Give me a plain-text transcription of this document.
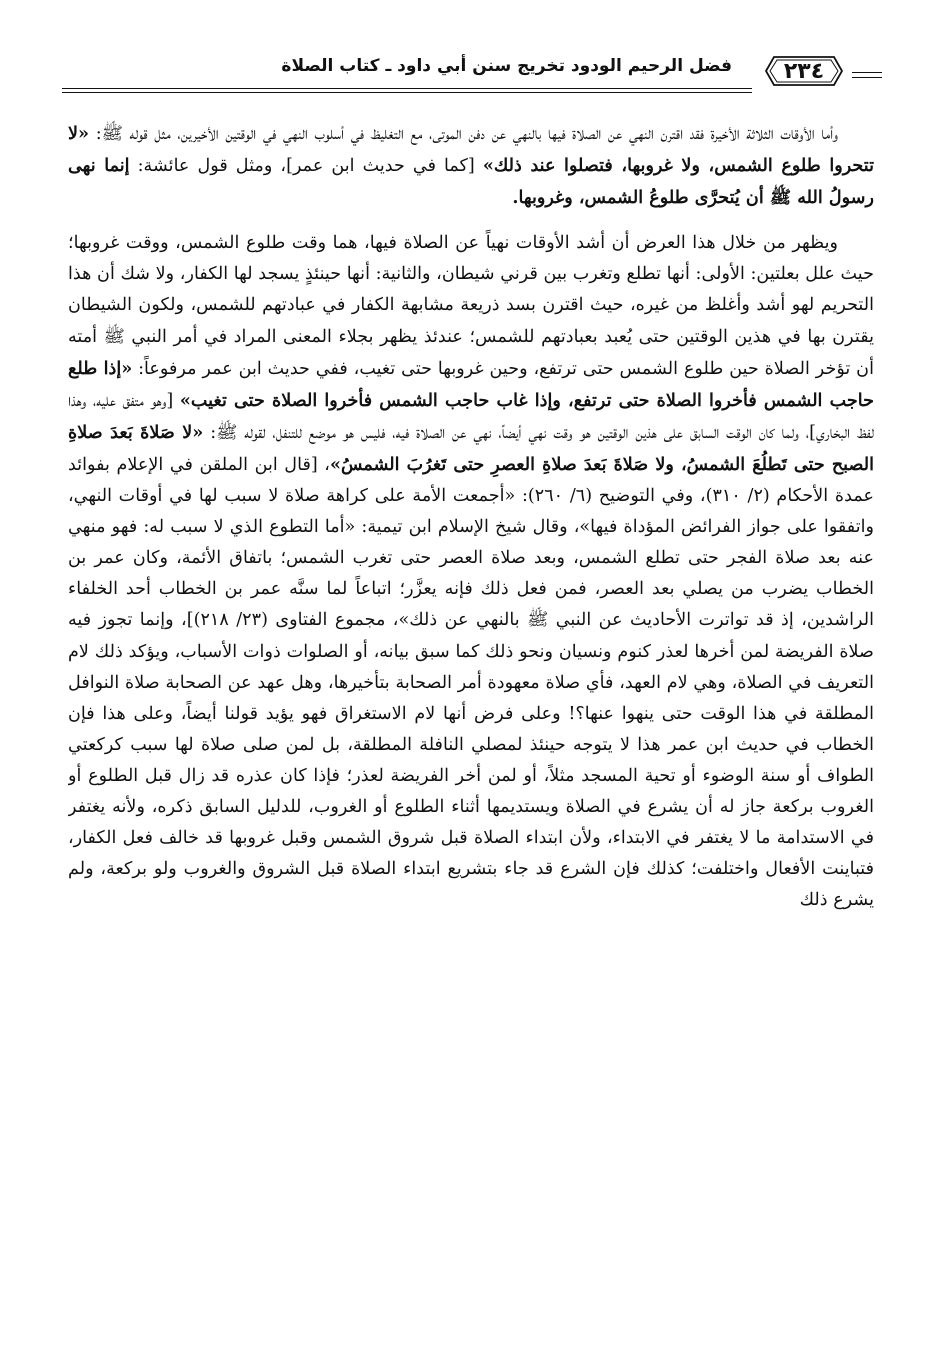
٢٣٤
فضل الرحيم الودود تخريج سنن أبي داود ـ كتاب الصلاة

وأما الأوقات الثلاثة الأخيرة فقد اقترن النهي عن الصلاة فيها بالنهي عن دفن الموتى، مع التغليظ في أسلوب النهي في الوقتين الأخيرين، مثل قوله ﷺ: «لا تتحروا طلوع الشمس، ولا غروبها، فتصلوا عند ذلك» [كما في حديث ابن عمر]، ومثل قول عائشة: إنما نهى رسولُ الله ﷺ أن يُتحرَّى طلوعُ الشمس، وغروبها.

ويظهر من خلال هذا العرض أن أشد الأوقات نهياً عن الصلاة فيها، هما وقت طلوع الشمس، ووقت غروبها؛ حيث علل بعلتين: الأولى: أنها تطلع وتغرب بين قرني شيطان، والثانية: أنها حينئذٍ يسجد لها الكفار، ولا شك أن هذا التحريم لهو أشد وأغلظ من غيره، حيث اقترن بسد ذريعة مشابهة الكفار في عبادتهم للشمس، ولكون الشيطان يقترن بها في هذين الوقتين حتى يُعبد بعبادتهم للشمس؛ عندئذ يظهر بجلاء المعنى المراد في أمر النبي ﷺ أمته أن تؤخر الصلاة حين طلوع الشمس حتى ترتفع، وحين غروبها حتى تغيب، ففي حديث ابن عمر مرفوعاً: «إذا طلع حاجب الشمس فأخروا الصلاة حتى ترتفع، وإذا غاب حاجب الشمس فأخروا الصلاة حتى تغيب» [وهو متفق عليه، وهذا لفظ البخاري]، ولما كان الوقت السابق على هذين الوقتين هو وقت نهي أيضاً، نهي عن الصلاة فيه، فليس هو موضع للتنفل، لقوله ﷺ: «لا صَلاةَ بَعدَ صلاةِ الصبح حتى تَطلُعَ الشمسُ، ولا صَلاةَ بَعدَ صلاةِ العصرِ حتى تَغرُبَ الشمسُ»، [قال ابن الملقن في الإعلام بفوائد عمدة الأحكام (٢/ ٣١٠)، وفي التوضيح (٦/ ٢٦٠): «أجمعت الأمة على كراهة صلاة لا سبب لها في أوقات النهي، واتفقوا على جواز الفرائض المؤداة فيها»، وقال شيخ الإسلام ابن تيمية: «أما التطوع الذي لا سبب له: فهو منهي عنه بعد صلاة الفجر حتى تطلع الشمس، وبعد صلاة العصر حتى تغرب الشمس؛ باتفاق الأئمة، وكان عمر بن الخطاب يضرب من يصلي بعد العصر، فمن فعل ذلك فإنه يعزَّر؛ اتباعاً لما سنَّه عمر بن الخطاب أحد الخلفاء الراشدين، إذ قد تواترت الأحاديث عن النبي ﷺ بالنهي عن ذلك»، مجموع الفتاوى (٢٣/ ٢١٨)]، وإنما تجوز فيه صلاة الفريضة لمن أخرها لعذر كنوم ونسيان ونحو ذلك كما سبق بيانه، أو الصلوات ذوات الأسباب، ويؤكد ذلك لام التعريف في الصلاة، وهي لام العهد، فأي صلاة معهودة أمر الصحابة بتأخيرها، وهل عهد عن الصحابة صلاة النوافل المطلقة في هذا الوقت حتى ينهوا عنها؟! وعلى فرض أنها لام الاستغراق فهو يؤيد قولنا أيضاً، وعلى هذا فإن الخطاب في حديث ابن عمر هذا لا يتوجه حينئذ لمصلي النافلة المطلقة، بل لمن صلى صلاة لها سبب كركعتي الطواف أو سنة الوضوء أو تحية المسجد مثلاً، أو لمن أخر الفريضة لعذر؛ فإذا كان عذره قد زال قبل الطلوع أو الغروب بركعة جاز له أن يشرع في الصلاة ويستديمها أثناء الطلوع أو الغروب، للدليل السابق ذكره، ولأنه يغتفر في الاستدامة ما لا يغتفر في الابتداء، ولأن ابتداء الصلاة قبل شروق الشمس وقبل غروبها قد خالف فعل الكفار، فتباينت الأفعال واختلفت؛ كذلك فإن الشرع قد جاء بتشريع ابتداء الصلاة قبل الشروق والغروب ولو بركعة، ولم يشرع ذلك
